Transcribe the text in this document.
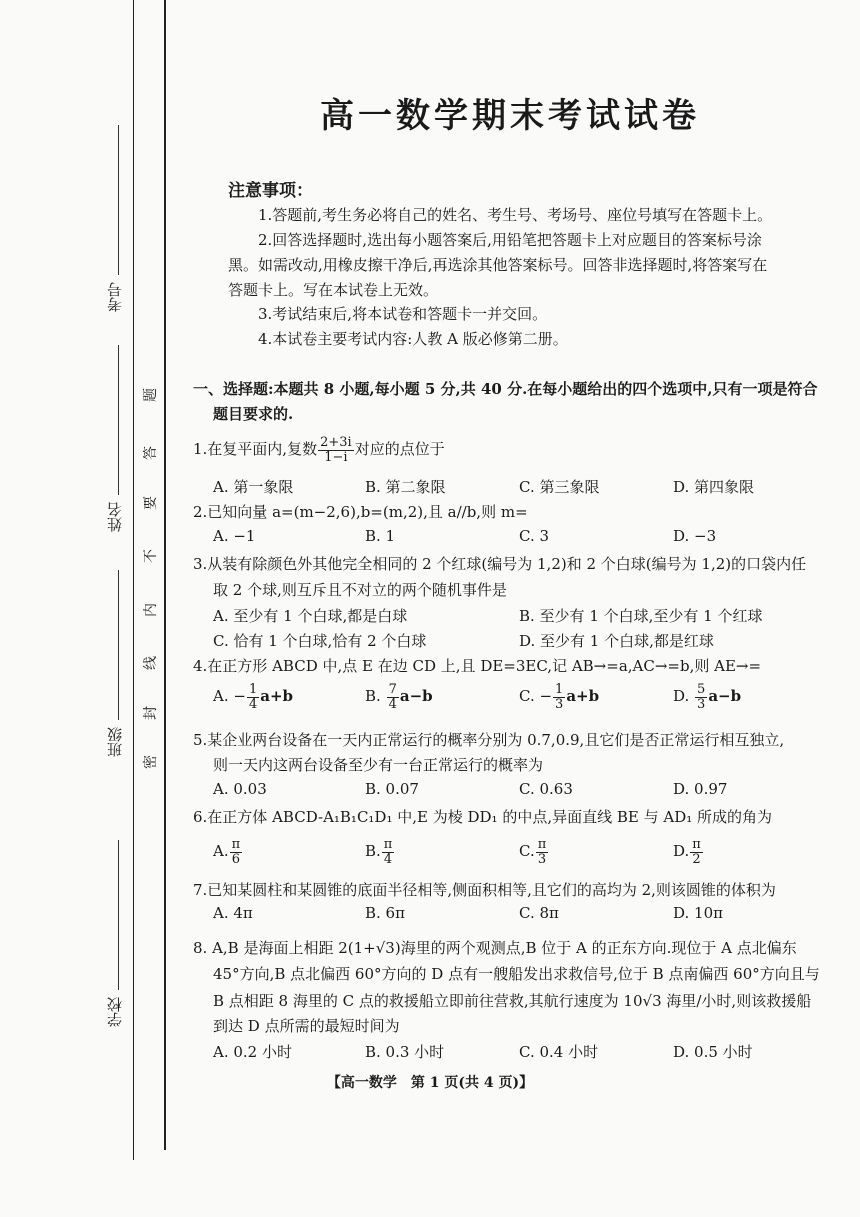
考号
姓名
班级
学校
题
答
要
不
内
线
封
密
高一数学期末考试试卷
注意事项：
1.答题前,考生务必将自己的姓名、考生号、考场号、座位号填写在答题卡上。
2.回答选择题时,选出每小题答案后,用铅笔把答题卡上对应题目的答案标号涂
黑。如需改动,用橡皮擦干净后,再选涂其他答案标号。回答非选择题时,将答案写在
答题卡上。写在本试卷上无效。
3.考试结束后,将本试卷和答题卡一并交回。
4.本试卷主要考试内容:人教 A 版必修第二册。
一、选择题:本题共 8 小题,每小题 5 分,共 40 分.在每小题给出的四个选项中,只有一项是符合
题目要求的.
1.在复平面内,复数 $\frac{2+3i}{1-i}$ 对应的点位于
A. 第一象限	B. 第二象限	C. 第三象限	D. 第四象限
2.已知向量 a=(m−2,6),b=(m,2),且 a//b,则 m=
A. −1	B. 1	C. 3	D. −3
3.从装有除颜色外其他完全相同的 2 个红球(编号为 1,2)和 2 个白球(编号为 1,2)的口袋内任
取 2 个球,则互斥且不对立的两个随机事件是
A. 至少有 1 个白球,都是白球	B. 至少有 1 个白球,至少有 1 个红球
C. 恰有 1 个白球,恰有 2 个白球	D. 至少有 1 个白球,都是红球
4.在正方形 ABCD 中,点 E 在边 CD 上,且 DE=3EC,记 AB→=a,AC→=b,则 AE→=
A. − $\frac{1}{4} a+b$	B. $\frac{7}{4} a-b$	C. − $\frac{1}{3} a+b$	D. $\frac{5}{3} a-b$
5.某企业两台设备在一天内正常运行的概率分别为 0.7,0.9,且它们是否正常运行相互独立,
则一天内这两台设备至少有一台正常运行的概率为
A. 0.03	B. 0.07	C. 0.63	D. 0.97
6.在正方体 ABCD-A₁B₁C₁D₁ 中,E 为棱 DD₁ 的中点,异面直线 BE 与 AD₁ 所成的角为
A. $\frac{\pi}{6}$	B. $\frac{\pi}{4}$	C. $\frac{\pi}{3}$	D. $\frac{\pi}{2}$
7.已知某圆柱和某圆锥的底面半径相等,侧面积相等,且它们的高均为 2,则该圆锥的体积为
A. 4π	B. 6π	C. 8π	D. 10π
8. A,B 是海面上相距 2(1+√3)海里的两个观测点,B 位于 A 的正东方向.现位于 A 点北偏东
45°方向,B 点北偏西 60°方向的 D 点有一艘船发出求救信号,位于 B 点南偏西 60°方向且与
B 点相距 8 海里的 C 点的救援船立即前往营救,其航行速度为 10√3 海里/小时,则该救援船
到达 D 点所需的最短时间为
A. 0.2 小时	B. 0.3 小时	C. 0.4 小时	D. 0.5 小时
【高一数学　第 1 页(共 4 页)】
